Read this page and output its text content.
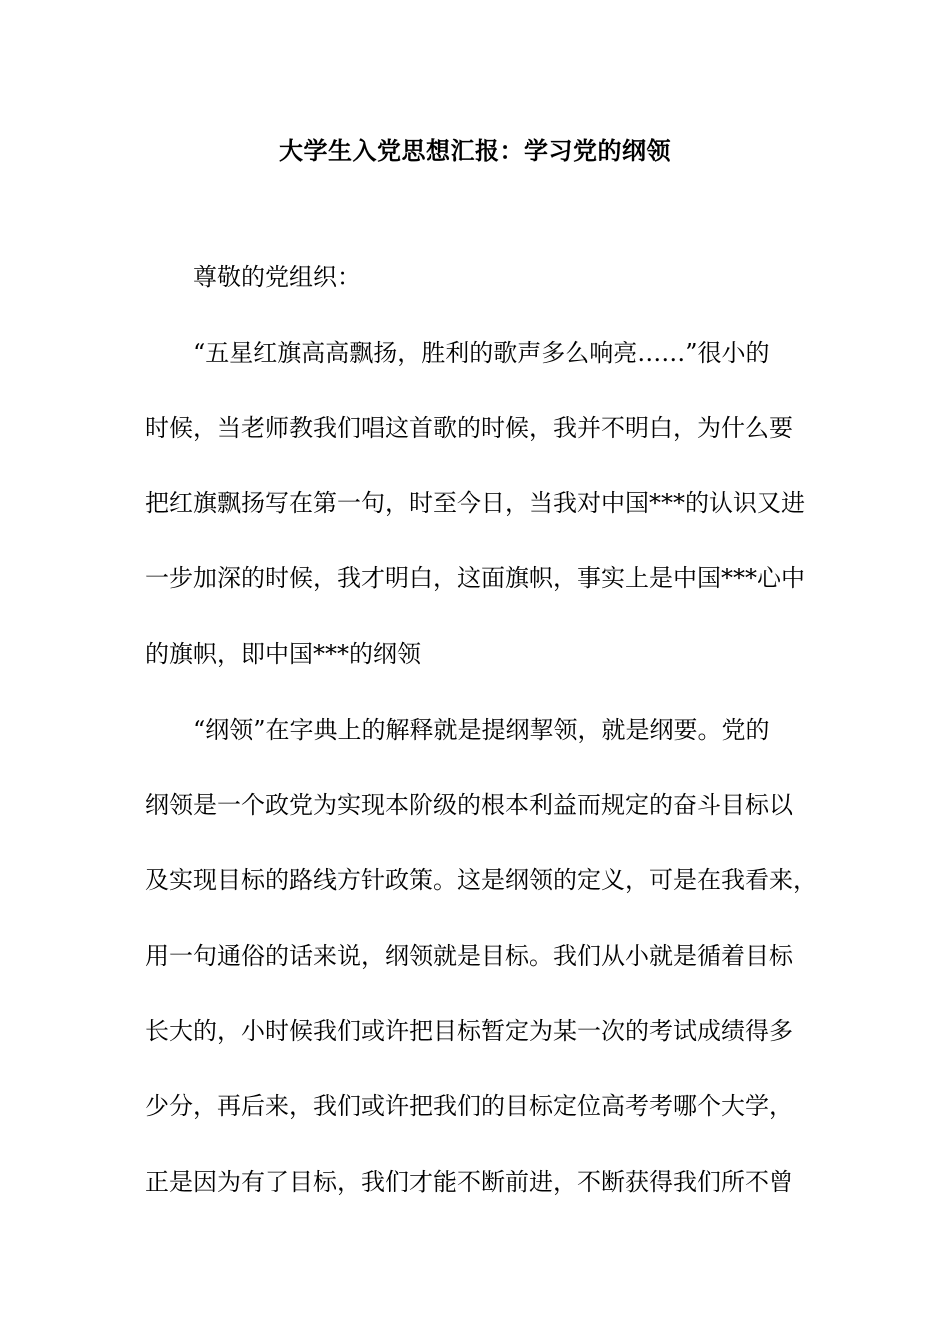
大学生入党思想汇报：学习党的纲领

尊敬的党组织：

“五星红旗高高飘扬，胜利的歌声多么响亮……”很小的

时候，当老师教我们唱这首歌的时候，我并不明白，为什么要

把红旗飘扬写在第一句，时至今日，当我对中国***的认识又进

一步加深的时候，我才明白，这面旗帜，事实上是中国***心中

的旗帜，即中国***的纲领

“纲领”在字典上的解释就是提纲挈领，就是纲要。党的

纲领是一个政党为实现本阶级的根本利益而规定的奋斗目标以

及实现目标的路线方针政策。这是纲领的定义，可是在我看来，

用一句通俗的话来说，纲领就是目标。我们从小就是循着目标

长大的，小时候我们或许把目标暂定为某一次的考试成绩得多

少分，再后来，我们或许把我们的目标定位高考考哪个大学，

正是因为有了目标，我们才能不断前进，不断获得我们所不曾
